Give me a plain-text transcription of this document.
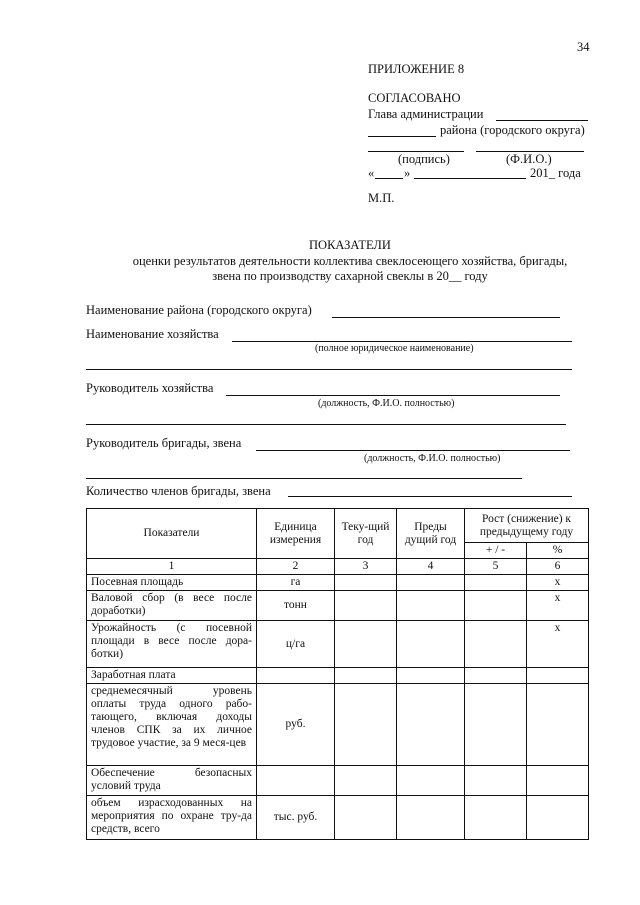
34
ПРИЛОЖЕНИЕ 8
СОГЛАСОВАНО
Глава администрации
района (городского округа)
(подпись)	(Ф.И.О.)
« »	201_ года
М.П.
ПОКАЗАТЕЛИ
оценки результатов деятельности коллектива свеклосеющего хозяйства, бригады,
звена по производству сахарной свеклы в 20__ году
Наименование района (городского округа)
Наименование хозяйства
(полное юридическое наименование)
Руководитель хозяйства
(должность, Ф.И.О. полностью)
Руководитель бригады, звена
(должность, Ф.И.О. полностью)
Количество членов бригады, звена
Показатели	Единица измерения	Теку-щий год	Преды дущий год	Рост (снижение) к предыдущему году	
				+ / -	%
1	2	3	4	5	6
Посевная площадь	га				х
Валовой сбор (в весе после доработки)	тонн				х
Урожайность (с посевной площади в весе после дора-ботки)	ц/га				х
Заработная плата					
среднемесячный уровень оплаты труда одного рабо-тающего, включая доходы членов СПК за их личное трудовое участие, за 9 меся-цев	руб.				
Обеспечение безопасных условий труда					
объем израсходованных на мероприятия по охране тру-да средств, всего	тыс. руб.				
